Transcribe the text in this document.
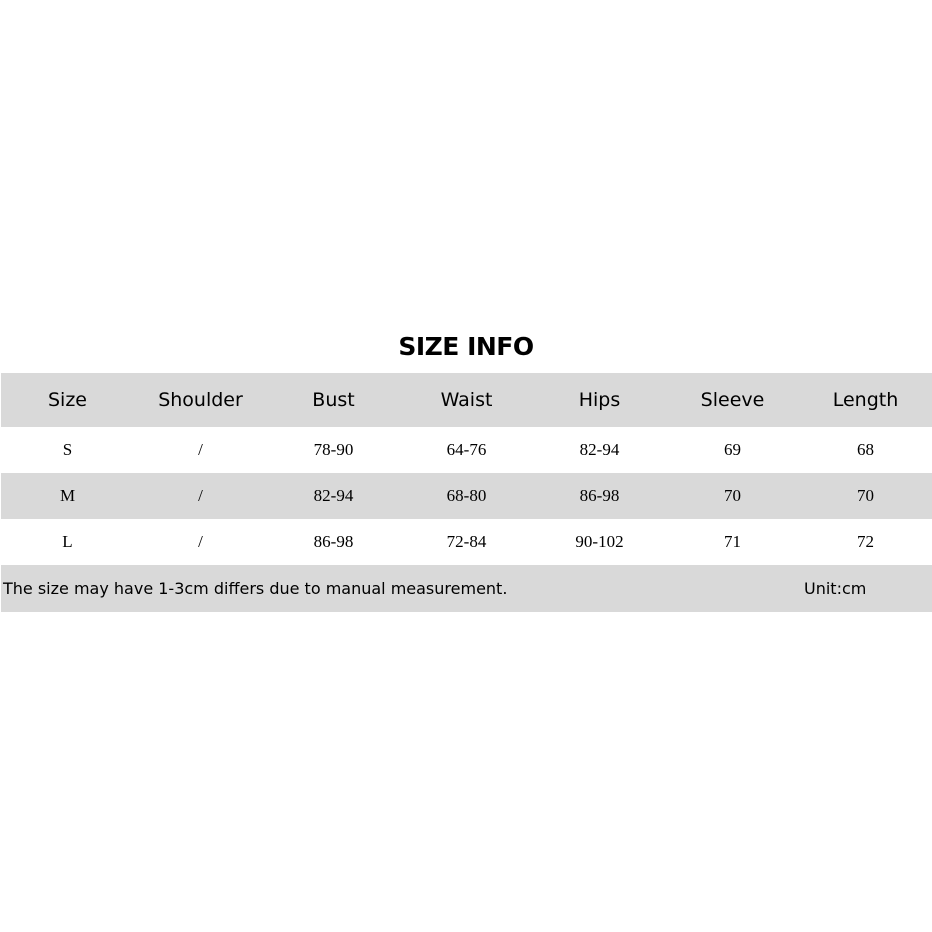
SIZE INFO
Size	Shoulder	Bust	Waist	Hips	Sleeve	Length
S	/	78-90	64-76	82-94	69	68
M	/	82-94	68-80	86-98	70	70
L	/	86-98	72-84	90-102	71	72
The size may have 1-3cm differs due to manual measurement.	Unit:cm
